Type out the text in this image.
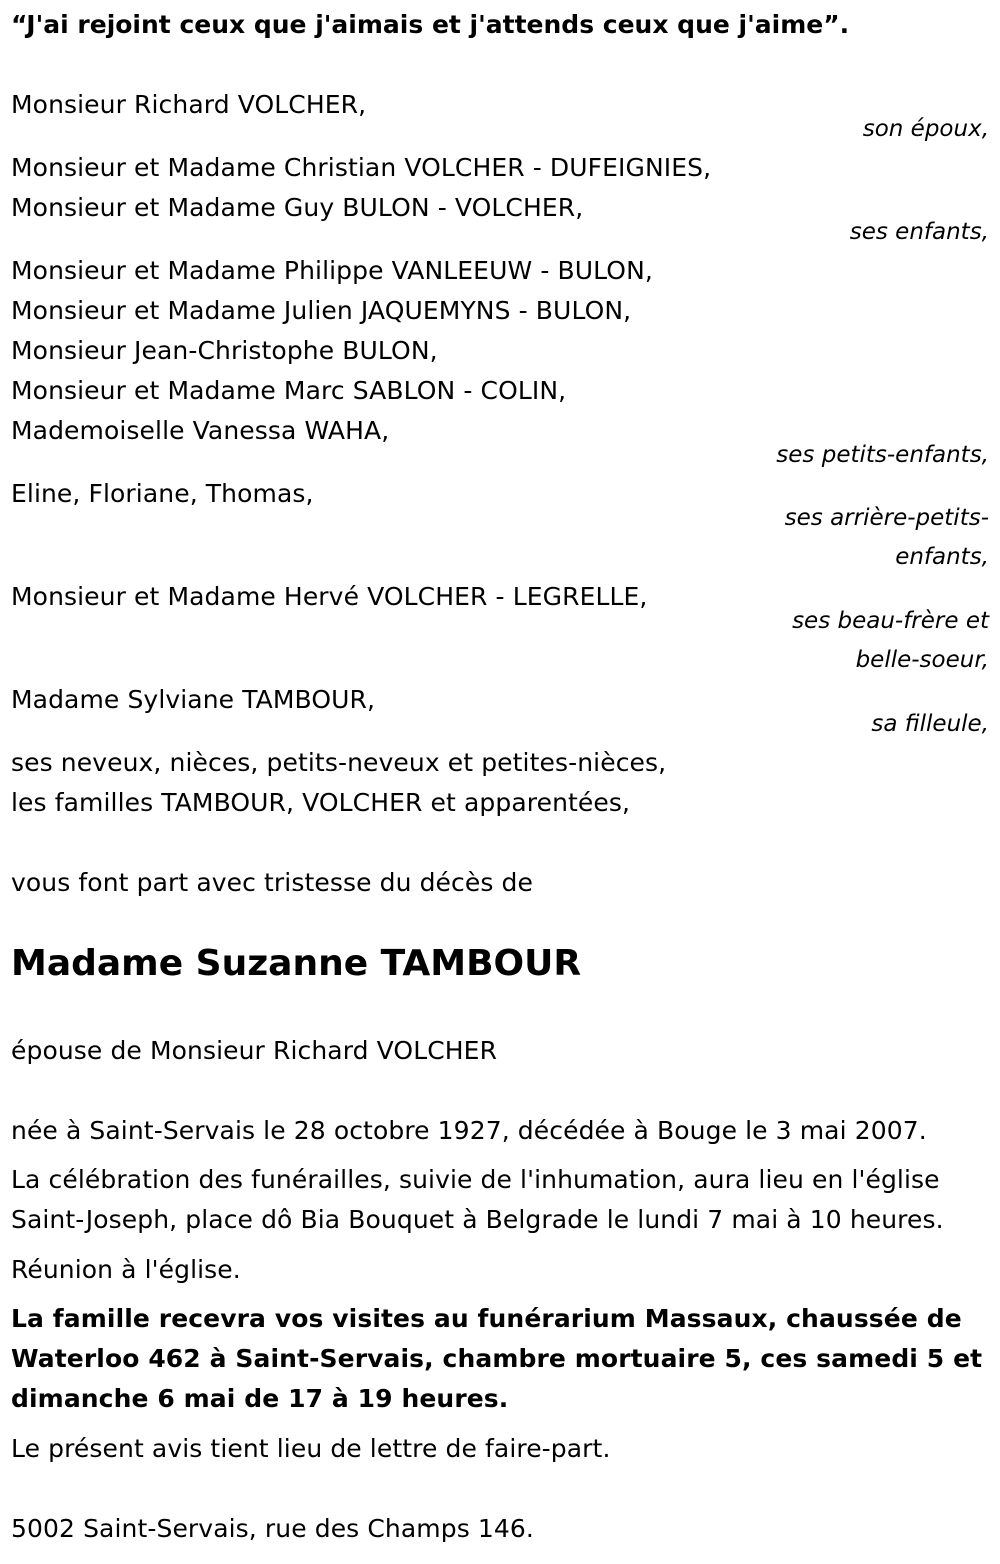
“J'ai rejoint ceux que j'aimais et j'attends ceux que j'aime”.
Monsieur Richard VOLCHER,
son époux,
Monsieur et Madame Christian VOLCHER - DUFEIGNIES,
Monsieur et Madame Guy BULON - VOLCHER,
ses enfants,
Monsieur et Madame Philippe VANLEEUW - BULON,
Monsieur et Madame Julien JAQUEMYNS - BULON,
Monsieur Jean-Christophe BULON,
Monsieur et Madame Marc SABLON - COLIN,
Mademoiselle Vanessa WAHA,
ses petits-enfants,
Eline, Floriane, Thomas,
ses arrière-petits-
enfants,
Monsieur et Madame Hervé VOLCHER - LEGRELLE,
ses beau-frère et
belle-soeur,
Madame Sylviane TAMBOUR,
sa filleule,
ses neveux, nièces, petits-neveux et petites-nièces,
les familles TAMBOUR, VOLCHER et apparentées,
vous font part avec tristesse du décès de
Madame Suzanne TAMBOUR
épouse de Monsieur Richard VOLCHER
née à Saint-Servais le 28 octobre 1927, décédée à Bouge le 3 mai 2007.
La célébration des funérailles, suivie de l'inhumation, aura lieu en l'église
Saint-Joseph, place dô Bia Bouquet à Belgrade le lundi 7 mai à 10 heures.
Réunion à l'église.
La famille recevra vos visites au funérarium Massaux, chaussée de
Waterloo 462 à Saint-Servais, chambre mortuaire 5, ces samedi 5 et
dimanche 6 mai de 17 à 19 heures.
Le présent avis tient lieu de lettre de faire-part.
5002 Saint-Servais, rue des Champs 146.
